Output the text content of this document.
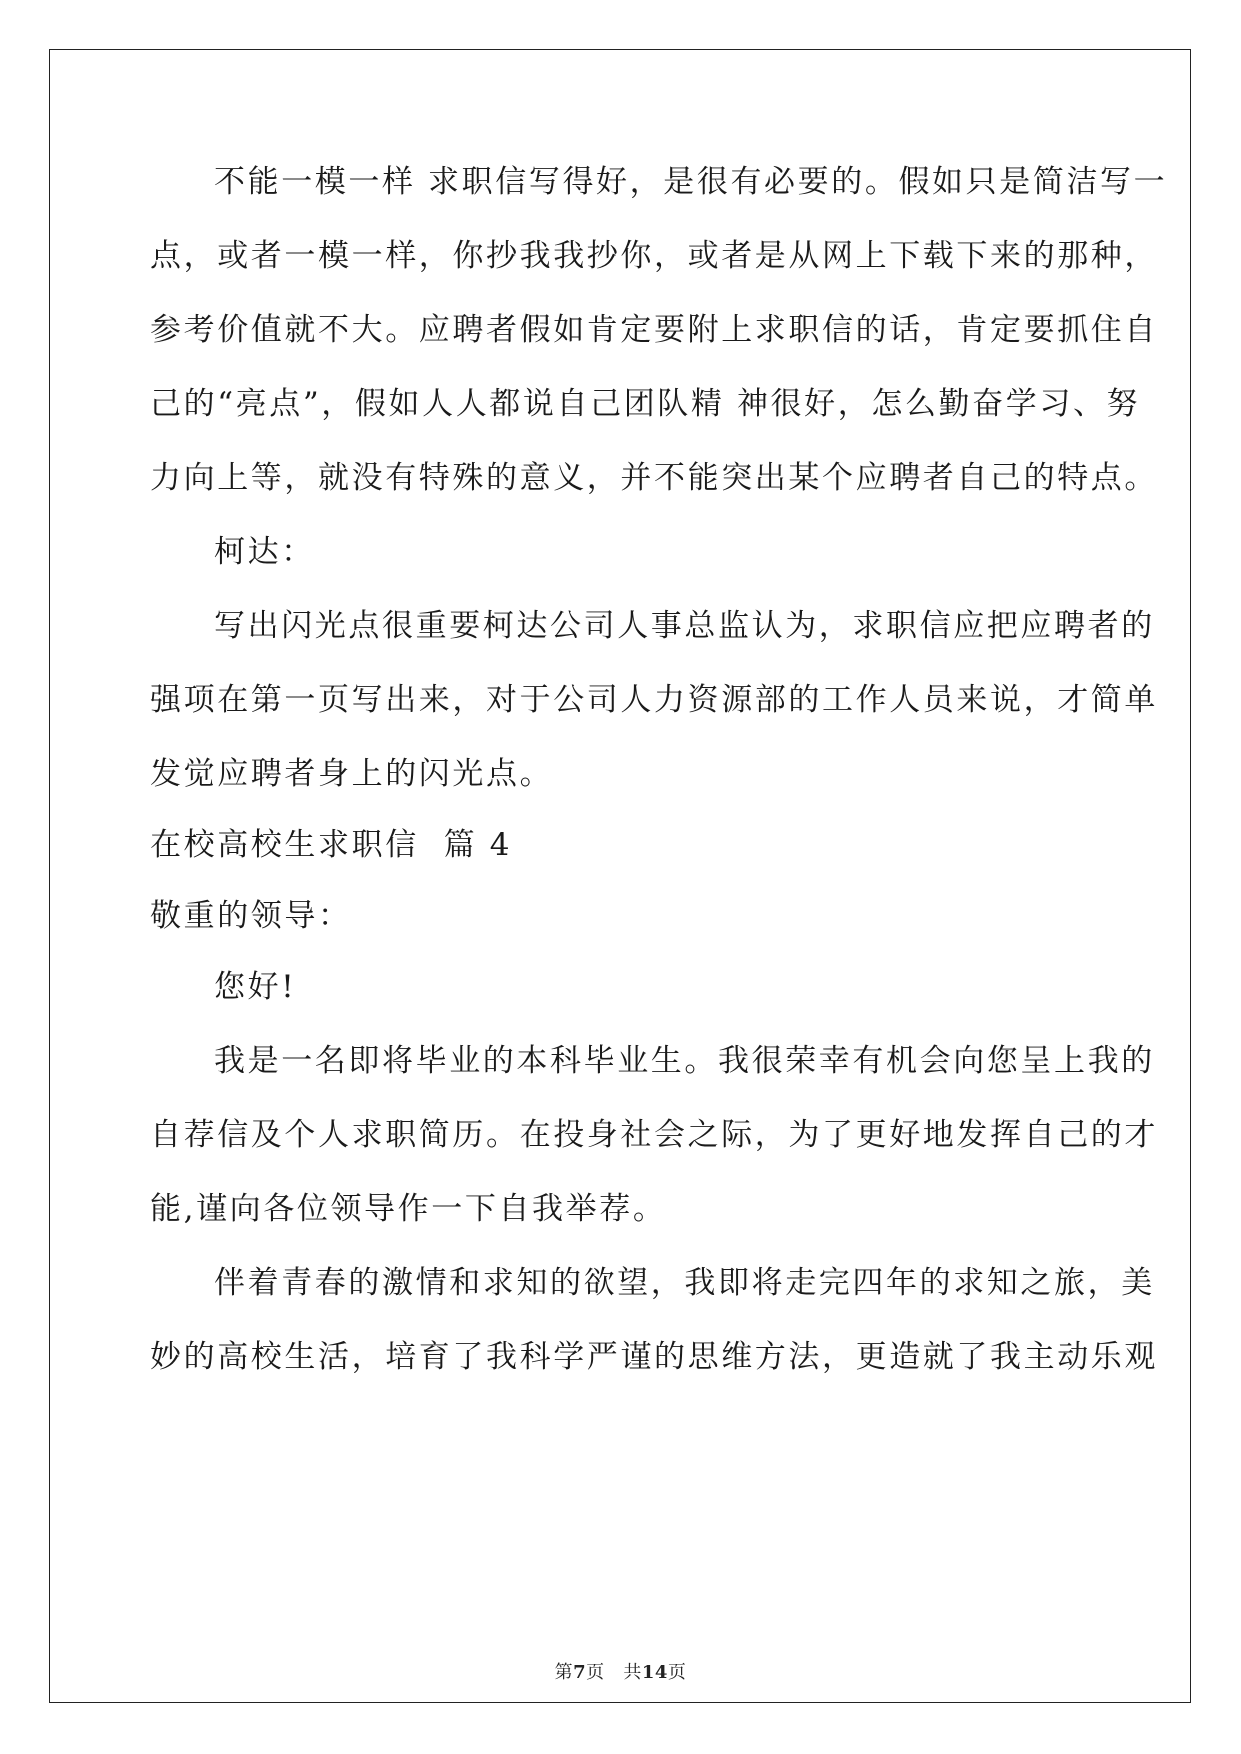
不能一模一样 求职信写得好，是很有必要的。假如只是简洁写一
点，或者一模一样，你抄我我抄你，或者是从网上下载下来的那种，
参考价值就不大。应聘者假如肯定要附上求职信的话，肯定要抓住自
己的“亮点”，假如人人都说自己团队精 神很好，怎么勤奋学习、努
力向上等，就没有特殊的意义，并不能突出某个应聘者自己的特点。
柯达：
写出闪光点很重要柯达公司人事总监认为，求职信应把应聘者的
强项在第一页写出来，对于公司人力资源部的工作人员来说，才简单
发觉应聘者身上的闪光点。
在校高校生求职信  篇 4
敬重的领导：
您好!
我是一名即将毕业的本科毕业生。我很荣幸有机会向您呈上我的
自荐信及个人求职简历。在投身社会之际，为了更好地发挥自己的才
能,谨向各位领导作一下自我举荐。
伴着青春的激情和求知的欲望，我即将走完四年的求知之旅，美
妙的高校生活，培育了我科学严谨的思维方法，更造就了我主动乐观
第7页 共14页
